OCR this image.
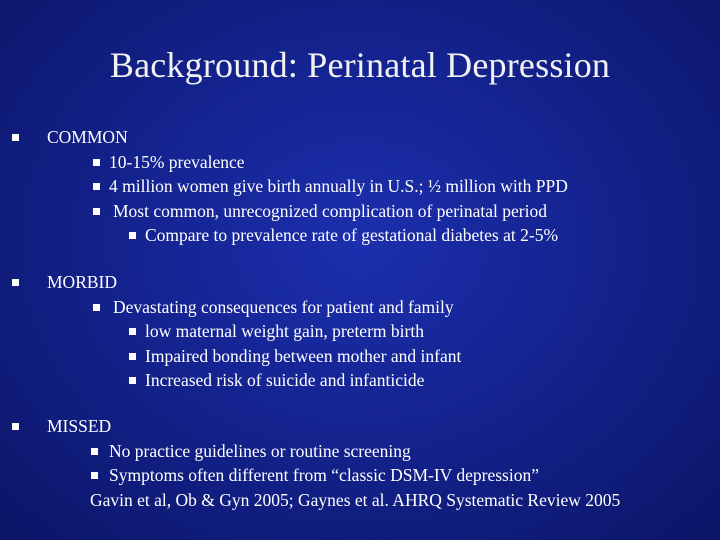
Background: Perinatal Depression
COMMON
10-15% prevalence
4 million women give birth annually in U.S.; ½ million with PPD
Most common, unrecognized complication of perinatal period
Compare to prevalence rate of gestational diabetes at 2-5%
MORBID
Devastating consequences for patient and family
low maternal weight gain, preterm birth
Impaired bonding between mother and infant
Increased risk of suicide and infanticide
MISSED
No practice guidelines or routine screening
Symptoms often different from “classic DSM-IV depression”
Gavin et al, Ob & Gyn 2005; Gaynes et al. AHRQ Systematic Review 2005
